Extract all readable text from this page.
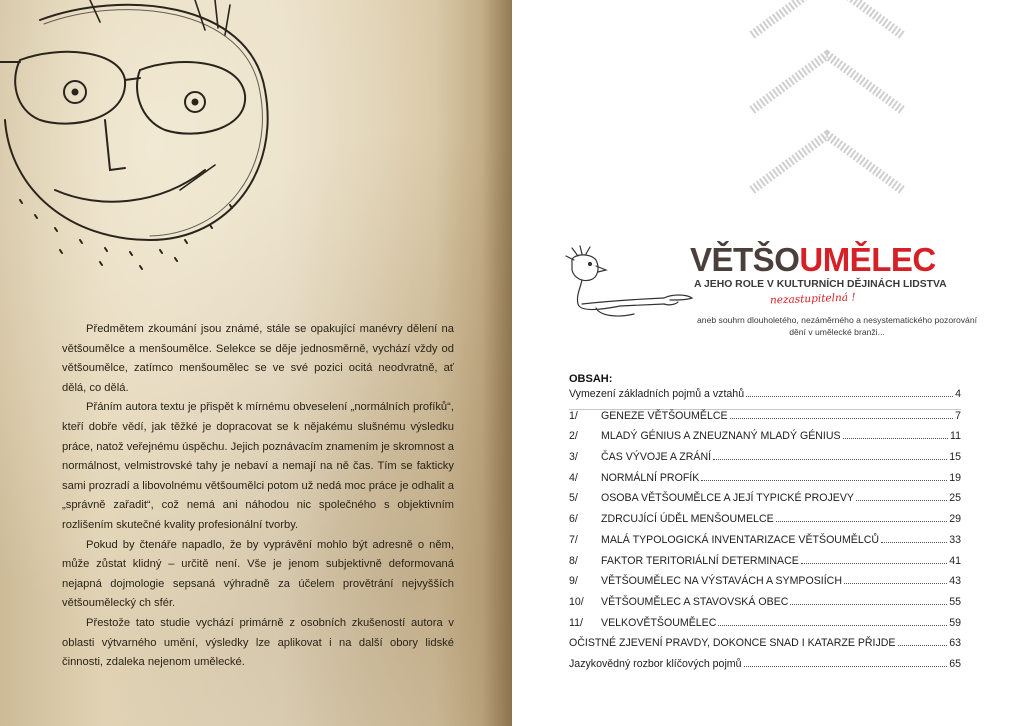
Předmětem zkoumání jsou známé, stále se opakující manévry dělení na většoumělce a menšoumělce. Selekce se děje jednosměrně, vychází vždy od většoumělce, zatímco menšoumělec se ve své pozici ocitá neodvratně, ať dělá, co dělá.

Přáním autora textu je přispět k mírnému obveselení „normálních profíků“, kteří dobře vědí, jak těžké je dopracovat se k nějakému slušnému výsledku práce, natož veřejnému úspěchu. Jejich poznávacím znamením je skromnost a normálnost, velmistrovské tahy je nebaví a nemají na ně čas. Tím se fakticky sami prozradí a libovolnému většoumělci potom už nedá moc práce je odhalit a „správně zařadit“, což nemá ani náhodou nic společného s objektivním rozlišením skutečné kvality profesionální tvorby.

Pokud by čtenáře napadlo, že by vyprávění mohlo být adresně o něm, může zůstat klidný – určitě není. Vše je jenom subjektivně deformovaná nejapná dojmologie sepsaná výhradně za účelem provětrání nejvyšších většoumělecký ch sfér.

Přestože tato studie vychází primárně z osobních zkušeností autora v oblasti výtvarného umění, výsledky lze aplikovat i na další obory lidské činnosti, zdaleka nejenom umělecké.

VĚTŠOUMĚLEC
A JEHO ROLE V KULTURNÍCH DĚJINÁCH LIDSTVA
nezastupitelná !
aneb souhrn dlouholetého, nezáměrného a nesystematického pozorování dění v umělecké branži...
OBSAH:
Vymezení základních pojmů a vztahů	4
1/	GENEZE VĚTŠOUMĚLCE	7
2/	MLADÝ GÉNIUS A ZNEUZNANÝ MLADÝ GÉNIUS	11
3/	ČAS VÝVOJE A ZRÁNÍ	15
4/	NORMÁLNÍ PROFÍK	19
5/	OSOBA VĚTŠOUMĚLCE A JEJÍ TYPICKÉ PROJEVY	25
6/	ZDRCUJÍCÍ ÚDĚL MENŠOUMELCE	29
7/	MALÁ TYPOLOGICKÁ INVENTARIZACE VĚTŠOUMĚLCŮ	33
8/	FAKTOR TERITORIÁLNÍ DETERMINACE	41
9/	VĚTŠOUMĚLEC NA VÝSTAVÁCH A SYMPOSIÍCH	43
10/	VĚTŠOUMĚLEC A STAVOVSKÁ OBEC	55
11/	VELKOVĚTŠOUMĚLEC	59
OČISTNÉ ZJEVENÍ PRAVDY, DOKONCE SNAD I KATARZE PŘIJDE	63
Jazykovědný rozbor klíčových pojmů	65
